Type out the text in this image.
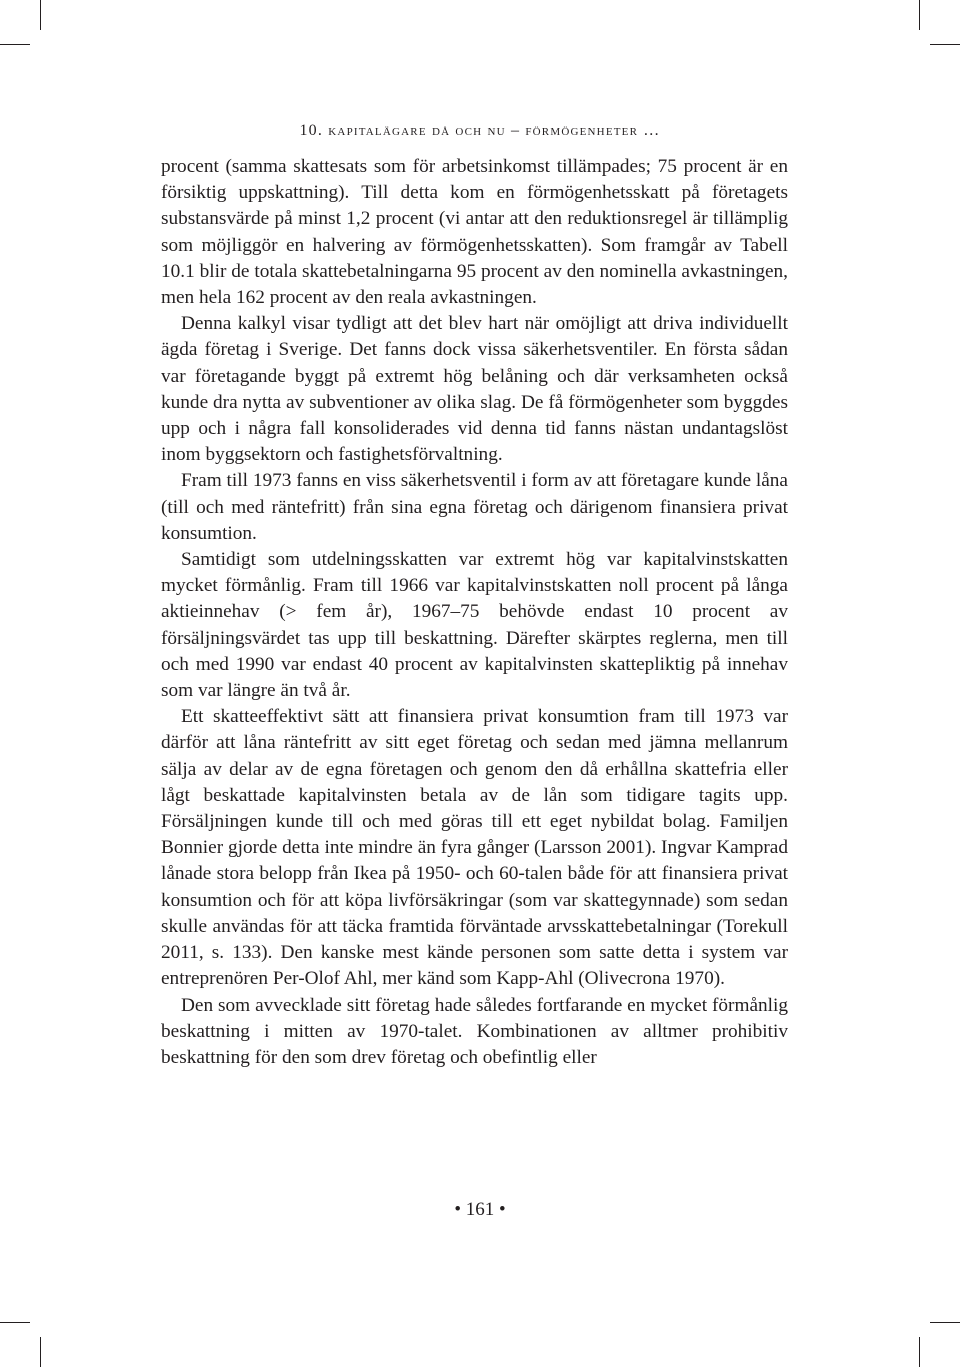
10. kapitalägare då och nu – förmögenheter …

procent (samma skattesats som för arbetsinkomst tillämpades; 75 procent är en försiktig uppskattning). Till detta kom en förmögenhetsskatt på företagets substansvärde på minst 1,2 procent (vi antar att den reduktionsregel är tillämplig som möjliggör en halvering av förmögenhetsskatten). Som framgår av Tabell 10.1 blir de totala skattebetalningarna 95 procent av den nominella avkastningen, men hela 162 procent av den reala avkastningen.

Denna kalkyl visar tydligt att det blev hart när omöjligt att driva individuellt ägda företag i Sverige. Det fanns dock vissa säkerhetsventiler. En första sådan var företagande byggt på extremt hög belåning och där verksamheten också kunde dra nytta av subventioner av olika slag. De få förmögenheter som byggdes upp och i några fall konsoliderades vid denna tid fanns nästan undantagslöst inom byggsektorn och fastighetsförvaltning.

Fram till 1973 fanns en viss säkerhetsventil i form av att företagare kunde låna (till och med räntefritt) från sina egna företag och därigenom finansiera privat konsumtion.

Samtidigt som utdelningsskatten var extremt hög var kapitalvinstskatten mycket förmånlig. Fram till 1966 var kapitalvinstskatten noll procent på långa aktieinnehav (> fem år), 1967–75 behövde endast 10 procent av försäljningsvärdet tas upp till beskattning. Därefter skärptes reglerna, men till och med 1990 var endast 40 procent av kapitalvinsten skattepliktig på innehav som var längre än två år.

Ett skatteeffektivt sätt att finansiera privat konsumtion fram till 1973 var därför att låna räntefritt av sitt eget företag och sedan med jämna mellanrum sälja av delar av de egna företagen och genom den då erhållna skattefria eller lågt beskattade kapitalvinsten betala av de lån som tidigare tagits upp. Försäljningen kunde till och med göras till ett eget nybildat bolag. Familjen Bonnier gjorde detta inte mindre än fyra gånger (Larsson 2001). Ingvar Kamprad lånade stora belopp från Ikea på 1950- och 60-talen både för att finansiera privat konsumtion och för att köpa livförsäkringar (som var skattegynnade) som sedan skulle användas för att täcka framtida förväntade arvsskattebetalningar (Torekull 2011, s. 133). Den kanske mest kände personen som satte detta i system var entreprenören Per-Olof Ahl, mer känd som Kapp-Ahl (Olivecrona 1970).

Den som avvecklade sitt företag hade således fortfarande en mycket förmånlig beskattning i mitten av 1970-talet. Kombinationen av alltmer prohibitiv beskattning för den som drev företag och obefintlig eller

• 161 •
